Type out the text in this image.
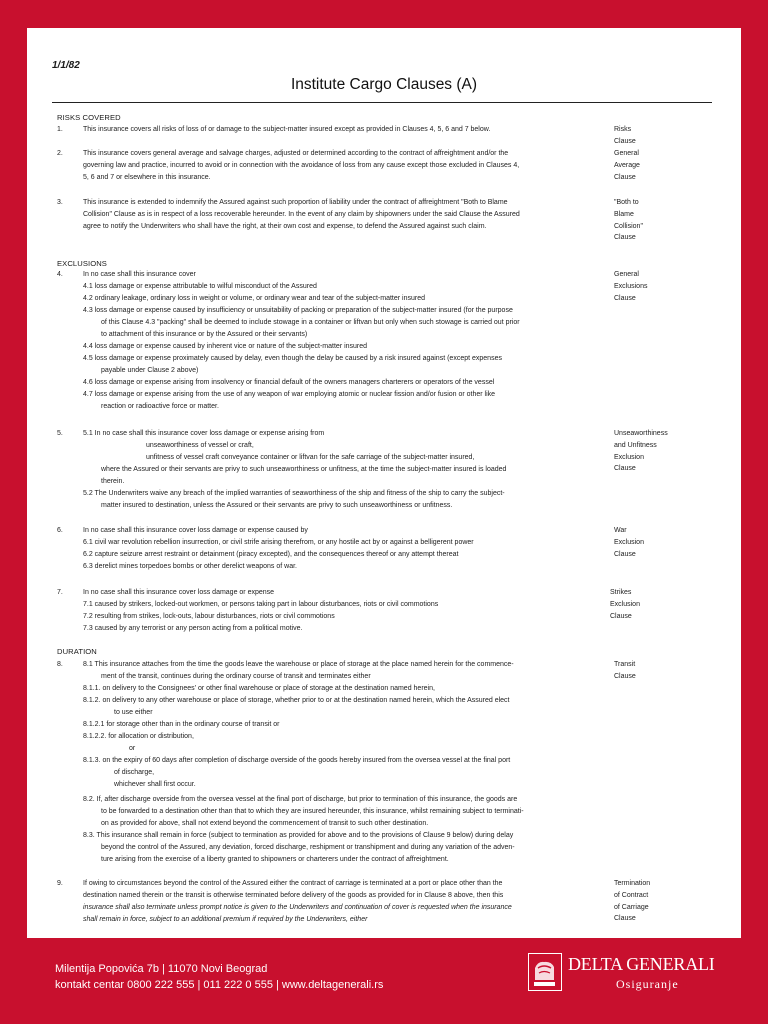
1/1/82
Institute Cargo Clauses (A)
RISKS COVERED
EXCLUSIONS
DURATION
1.
2.
3.
4.
5.
6.
7.
8.
9.
This insurance covers all risks of loss of or damage to the subject-matter insured except as provided in Clauses 4, 5, 6 and 7 below.
This insurance covers general average and salvage charges, adjusted or determined according to the contract of affreightment and/or the
governing law and practice, incurred to avoid or in connection with the avoidance of loss from any cause except those excluded in Clauses 4,
5, 6 and 7 or elsewhere in this insurance.
This insurance is extended to indemnify the Assured against such proportion of liability under the contract of affreightment "Both to Blame
Collision" Clause as is in respect of a loss recoverable hereunder. In the event of any claim by shipowners under the said Clause the Assured
agree to notify the Underwriters who shall have the right, at their own cost and expense, to defend the Assured against such claim.
In no case shall this insurance cover
4.1 loss damage or expense attributable to wilful misconduct of the Assured
4.2 ordinary leakage, ordinary loss in weight or volume, or ordinary wear and tear of the subject-matter insured
4.3 loss damage or expense caused by insufficiency or unsuitability of packing or preparation of the subject-matter insured (for the purpose
of this Clause 4.3 "packing" shall be deemed to include stowage in a container or liftvan but only when such stowage is carried out prior
to attachment of this insurance or by the Assured or their servants)
4.4 loss damage or expense caused by inherent vice or nature of the subject-matter insured
4.5 loss damage or expense proximately caused by delay, even though the delay be caused by a risk insured against (except expenses
payable under Clause 2 above)
4.6 loss damage or expense arising from insolvency or financial default of the owners managers charterers or operators of the vessel
4.7 loss damage or expense arising from the use of any weapon of war employing atomic or nuclear fission and/or fusion or other like
reaction or radioactive force or matter.
5.1 In no case shall this insurance cover loss damage or expense arising from
unseaworthiness of vessel or craft,
unfitness of vessel craft conveyance container or liftvan for the safe carriage of the subject-matter insured,
where the Assured or their servants are privy to such unseaworthiness or unfitness, at the time the subject-matter insured is loaded
therein.
5.2 The Underwriters waive any breach of the implied warranties of seaworthiness of the ship and fitness of the ship to carry the subject-
matter insured to destination, unless the Assured or their servants are privy to such unseaworthiness or unfitness.
In no case shall this insurance cover loss damage or expense caused by
6.1 civil war revolution rebellion insurrection, or civil strife arising therefrom, or any hostile act by or against a belligerent power
6.2 capture seizure arrest restraint or detainment (piracy excepted), and the consequences thereof or any attempt thereat
6.3 derelict mines torpedoes bombs or other derelict weapons of war.
In no case shall this insurance cover loss damage or expense
7.1 caused by strikers, locked-out workmen, or persons taking part in labour disturbances, riots or civil commotions
7.2 resulting from strikes, lock-outs, labour disturbances, riots or civil commotions
7.3 caused by any terrorist or any person acting from a political motive.
8.1 This insurance attaches from the time the goods leave the warehouse or place of storage at the place named herein for the commence-
ment of the transit, continues during the ordinary course of transit and terminates either
8.1.1. on delivery to the Consignees' or other final warehouse or place of storage at the destination named herein,
8.1.2. on delivery to any other warehouse or place of storage, whether prior to or at the destination named herein, which the Assured elect
to use either
8.1.2.1 for storage other than in the ordinary course of transit or
8.1.2.2. for allocation or distribution,
or
8.1.3. on the expiry of 60 days after completion of discharge overside of the goods hereby insured from the oversea vessel at the final port
of discharge,
whichever shall first occur.
8.2. If, after discharge overside from the oversea vessel at the final port of discharge, but prior to termination of this insurance, the goods are
to be forwarded to a destination other than that to which they are insured hereunder, this insurance, whilst remaining subject to terminati-
on as provided for above, shall not extend beyond the commencement of transit to such other destination.
8.3. This insurance shall remain in force (subject to termination as provided for above and to the provisions of Clause 9 below) during delay
beyond the control of the Assured, any deviation, forced discharge, reshipment or transhipment and during any variation of the adven-
ture arising from the exercise of a liberty granted to shipowners or charterers under the contract of affreightment.
If owing to circumstances beyond the control of the Assured either the contract of carriage is terminated at a port or place other than the
destination named therein or the transit is otherwise terminated before delivery of the goods as provided for in Clause 8 above, then this
insurance shall also terminate unless prompt notice is given to the Underwriters and continuation of cover is requested when the insurance
shall remain in force, subject to an additional premium if required by the Underwriters, either
Risks
Clause
General
Average
Clause
"Both to
Blame
Collision"
Clause
General
Exclusions
Clause
Unseaworthiness
and Unfitness
Exclusion
Clause
War
Exclusion
Clause
Strikes
Exclusion
Clause
Transit
Clause
Termination
of Contract
of Carriage
Clause
Milentija Popovića 7b | 11070 Novi Beograd
kontakt centar 0800 222 555 | 011 222 0 555 | www.deltagenerali.rs
DELTA GENERALI
Osiguranje
